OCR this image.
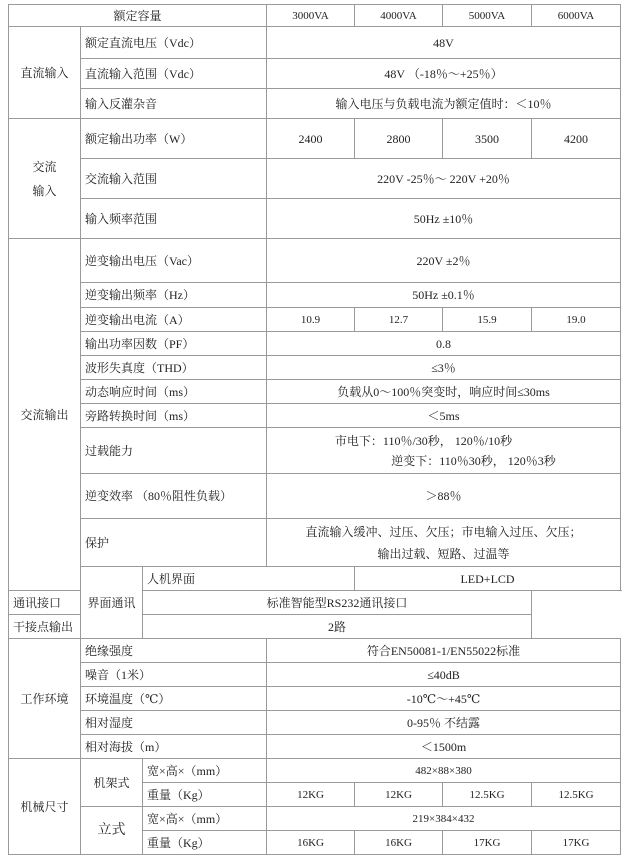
额定容量			3000VA	4000VA	5000VA	6000VA
直流输入	额定直流电压（Vdc）		48V			
	直流输入范围（Vdc）		48V （-18％～+25％）			
	输入反灌杂音		输入电压与负载电流为额定值时：＜10％			

交流
输入	额定输出功率（W）		2400	2800	3500	4200
	交流输入范围		220V -25％～ 220V +20％			
	输入频率范围		50Hz ±10％			
交流输出	逆变输出电压（Vac）		220V ±2％			
	逆变输出频率（Hz）		50Hz ±0.1％			
	逆变输出电流（A）		10.9	12.7	15.9	19.0
	输出功率因数（PF）		0.8			
	波形失真度（THD）		≤3％			
	动态响应时间（ms）		负载从0～100％突变时，响应时间≤30ms			
	旁路转换时间（ms）		＜5ms			
	过载能力		市电下：110％/30秒， 120％/10秒
逆变下：110％30秒， 120％3秒			

	逆变效率 （80％阻性负载）		＞88％			
	保护		直流输入缓冲、过压、欠压；市电输入过压、欠压；
输出过载、短路、过温等			

	界面通讯	人机界面		LED+LCD		
通讯接口		标准智能型RS232通讯接口				
干接点输出		2路				
工作环境	绝缘强度		符合EN50081-1/EN55022标准			
	噪音（1米）		≤40dB			
	环境温度（℃）		-10℃～+45℃			
	相对湿度		0-95％ 不结露			
	相对海拔（m）		＜1500m			
机械尺寸	机架式	宽×高×（mm）	482×88×380			
		重量（Kg）	12KG	12KG	12.5KG	12.5KG
	立式	宽×高×（mm）	219×384×432			
		重量（Kg）	16KG	16KG	17KG	17KG
